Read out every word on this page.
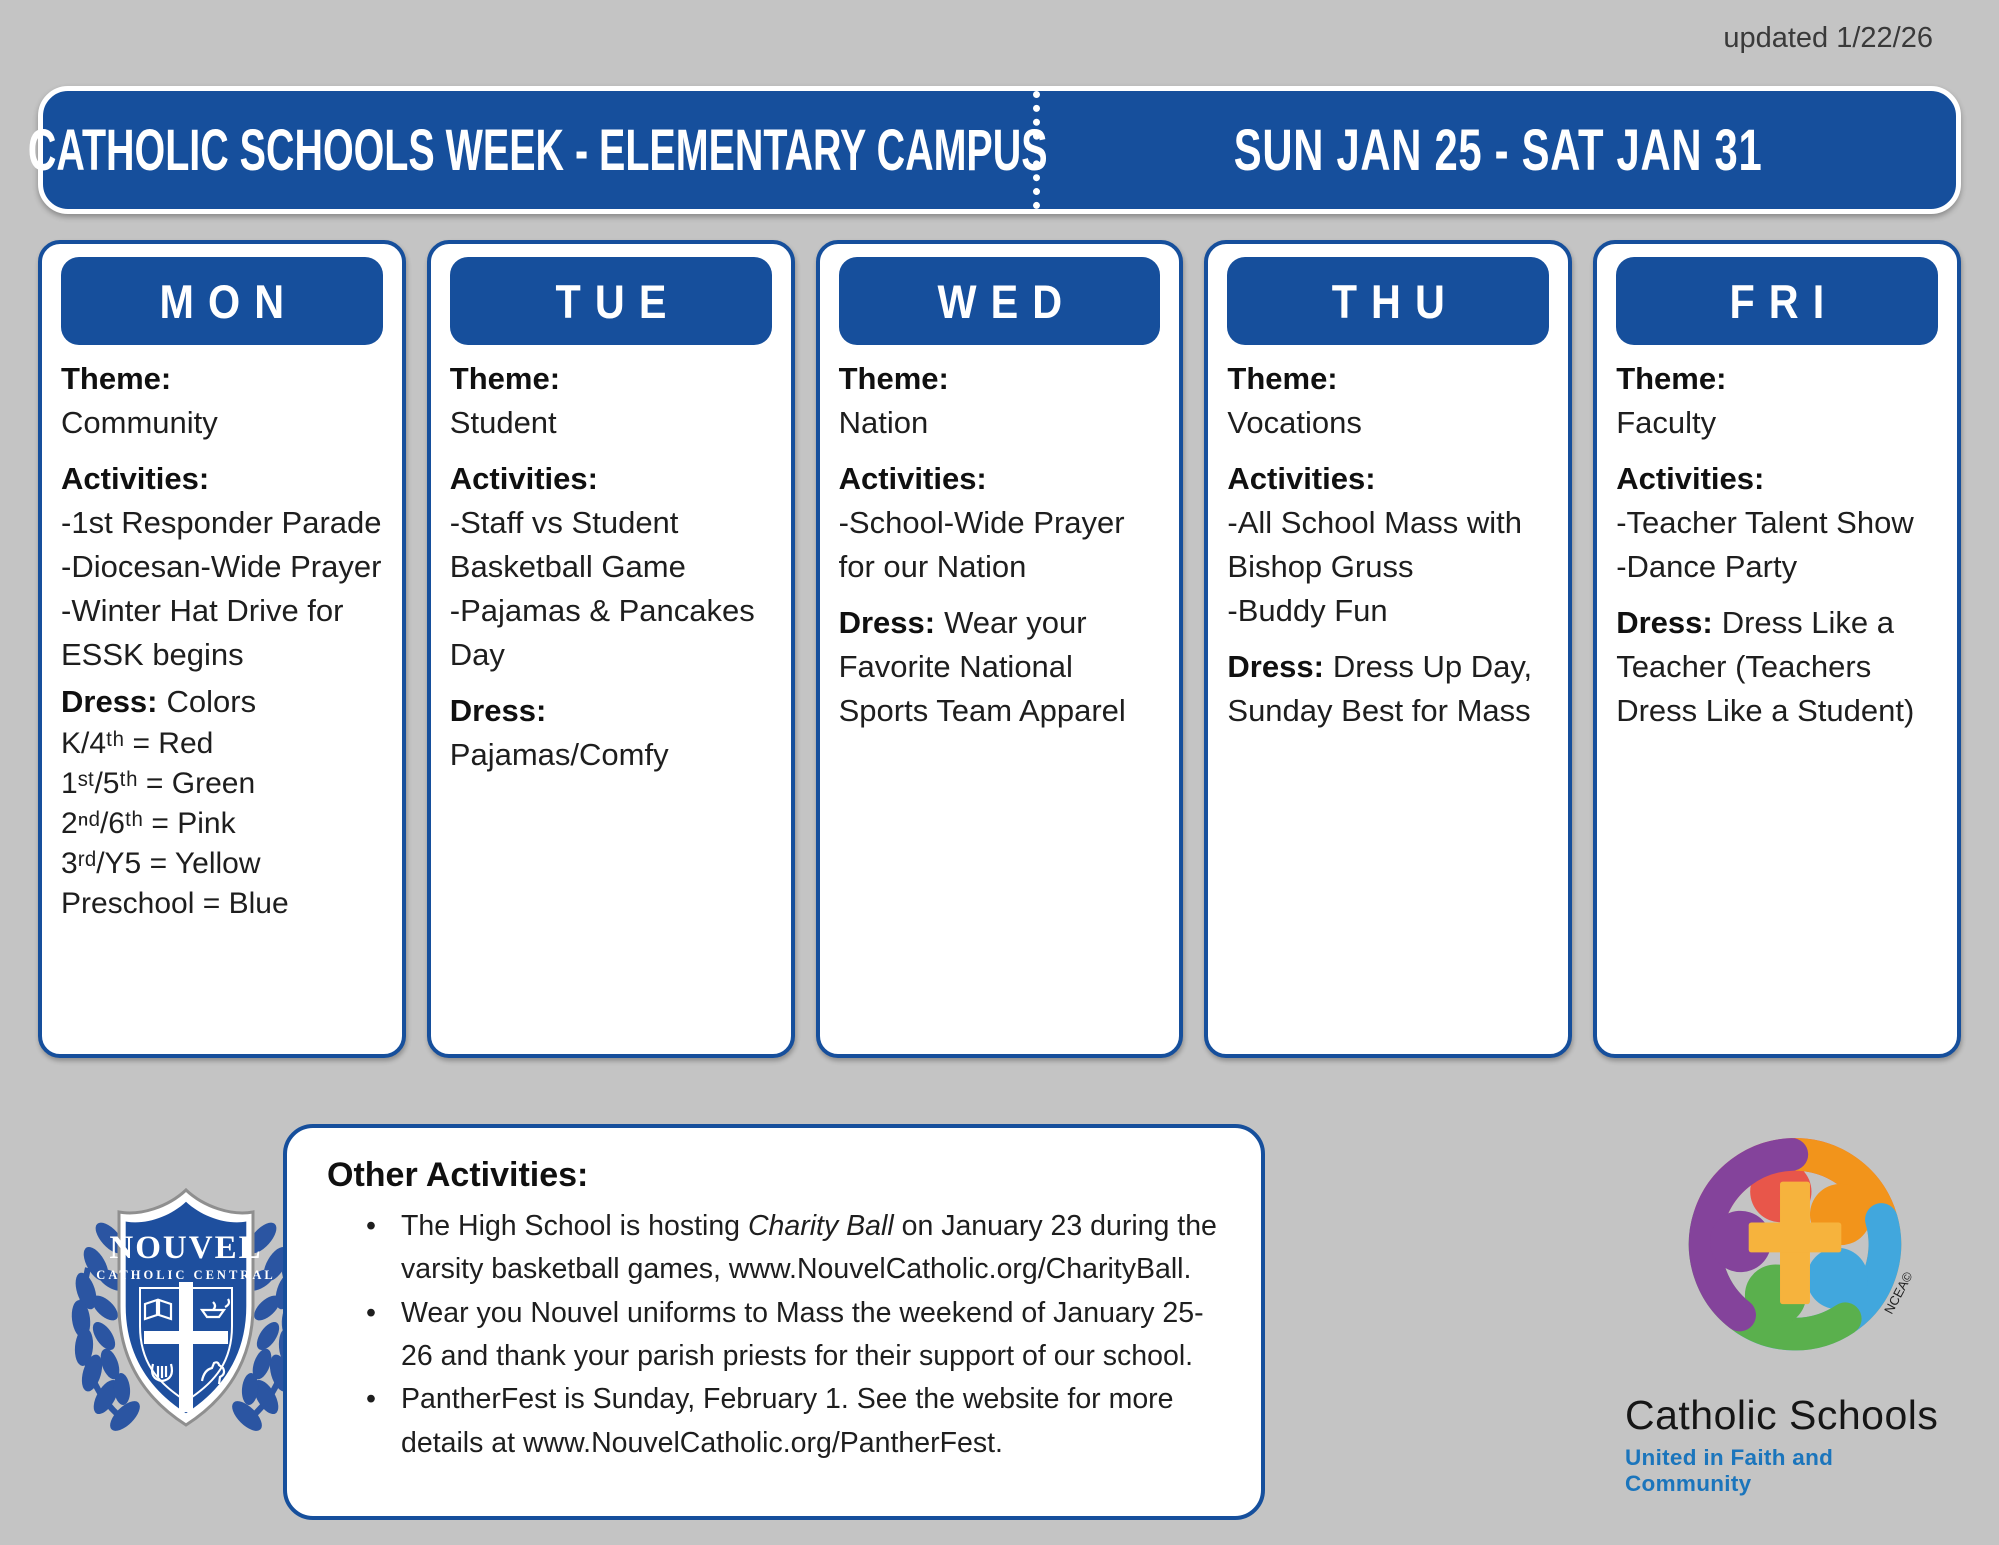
updated 1/22/26
CATHOLIC SCHOOLS WEEK - ELEMENTARY CAMPUS	SUN JAN 25 - SAT JAN 31
MON
Theme:
Community
Activities:
-1st Responder Parade
-Diocesan-Wide Prayer
-Winter Hat Drive for ESSK begins
Dress: Colors
K/4ᵗʰ = Red
1ˢᵗ/5ᵗʰ = Green
2ⁿᵈ/6ᵗʰ = Pink
3ʳᵈ/Y5 = Yellow
Preschool = Blue
TUE
Theme:
Student
Activities:
-Staff vs Student Basketball Game
-Pajamas & Pancakes Day
Dress:
Pajamas/Comfy
WED
Theme:
Nation
Activities:
-School-Wide Prayer for our Nation
Dress: Wear your Favorite National Sports Team Apparel
THU
Theme:
Vocations
Activities:
-All School Mass with Bishop Gruss
-Buddy Fun
Dress: Dress Up Day, Sunday Best for Mass
FRI
Theme:
Faculty
Activities:
-Teacher Talent Show
-Dance Party
Dress: Dress Like a Teacher (Teachers Dress Like a Student)
NOUVEL
CATHOLIC CENTRAL
Other Activities:
• The High School is hosting Charity Ball on January 23 during the varsity basketball games, www.NouvelCatholic.org/CharityBall.
• Wear you Nouvel uniforms to Mass the weekend of January 25-26 and thank your parish priests for their support of our school.
• PantherFest is Sunday, February 1. See the website for more details at www.NouvelCatholic.org/PantherFest.
NCEA©
Catholic Schools
United in Faith and Community
